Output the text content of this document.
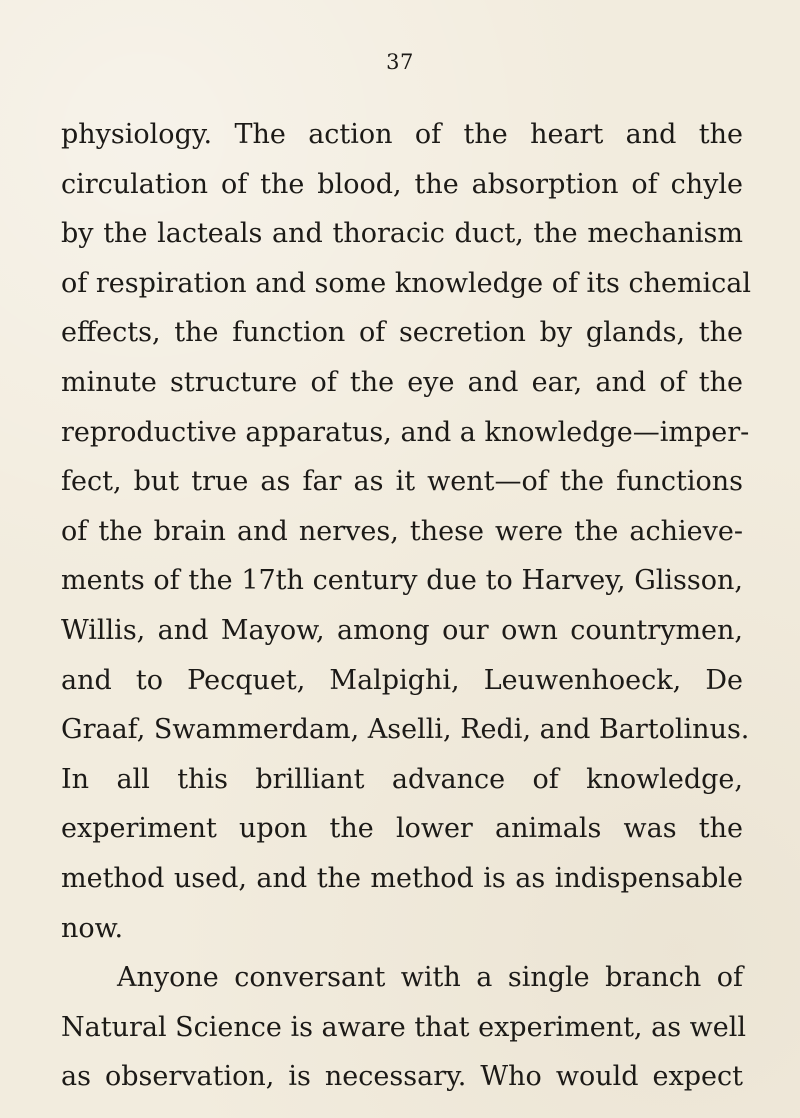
37
physiology. The action of the heart and the
circulation of the blood, the absorption of chyle
by the lacteals and thoracic duct, the mechanism
of respiration and some knowledge of its chemical
effects, the function of secretion by glands, the
minute structure of the eye and ear, and of the
reproductive apparatus, and a knowledge—imper-
fect, but true as far as it went—of the functions
of the brain and nerves, these were the achieve-
ments of the 17th century due to Harvey, Glisson,
Willis, and Mayow, among our own countrymen,
and to Pecquet, Malpighi, Leuwenhoeck, De
Graaf, Swammerdam, Aselli, Redi, and Bartolinus.
In all this brilliant advance of knowledge,
experiment upon the lower animals was the
method used, and the method is as indispensable
now.
Anyone conversant with a single branch of
Natural Science is aware that experiment, as well
as observation, is necessary. Who would expect
